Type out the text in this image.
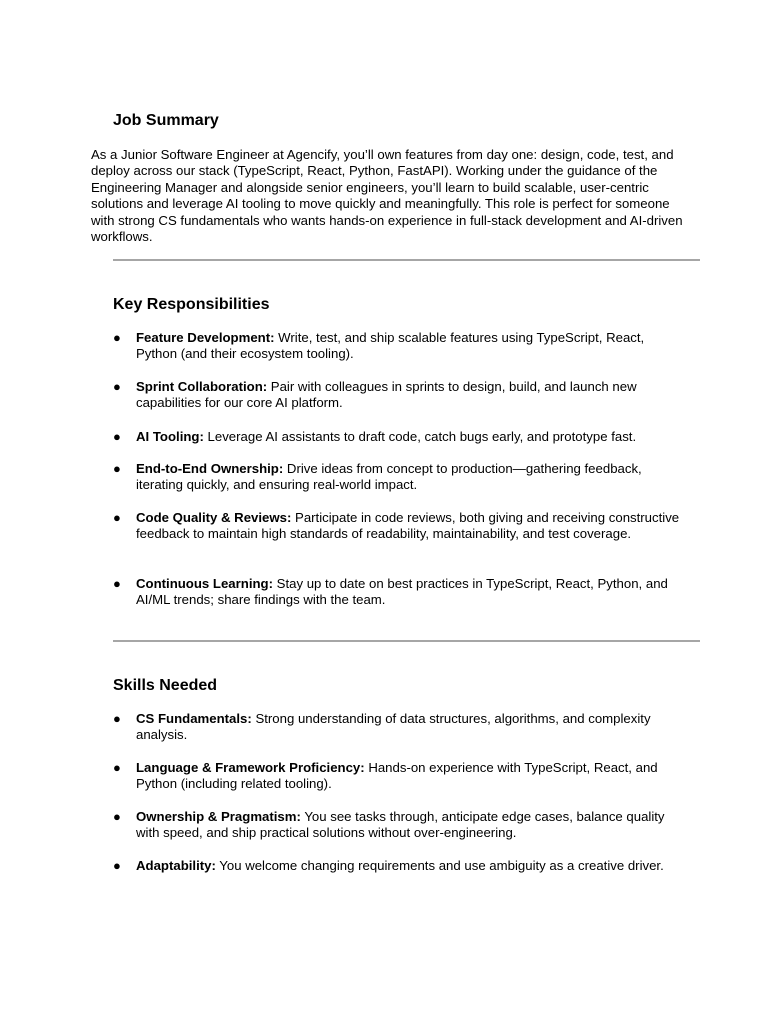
Job Summary

As a Junior Software Engineer at Agencify, you’ll own features from day one: design, code, test, and deploy across our stack (TypeScript, React, Python, FastAPI). Working under the guidance of the Engineering Manager and alongside senior engineers, you’ll learn to build scalable, user-centric solutions and leverage AI tooling to move quickly and meaningfully. This role is perfect for someone with strong CS fundamentals who wants hands-on experience in full-stack development and AI-driven workflows.

Key Responsibilities
● Feature Development: Write, test, and ship scalable features using TypeScript, React, Python (and their ecosystem tooling).
● Sprint Collaboration: Pair with colleagues in sprints to design, build, and launch new capabilities for our core AI platform.
● AI Tooling: Leverage AI assistants to draft code, catch bugs early, and prototype fast.
● End-to-End Ownership: Drive ideas from concept to production—gathering feedback, iterating quickly, and ensuring real-world impact.
● Code Quality & Reviews: Participate in code reviews, both giving and receiving constructive feedback to maintain high standards of readability, maintainability, and test coverage.
● Continuous Learning: Stay up to date on best practices in TypeScript, React, Python, and AI/ML trends; share findings with the team.
Skills Needed
● CS Fundamentals: Strong understanding of data structures, algorithms, and complexity analysis.
● Language & Framework Proficiency: Hands-on experience with TypeScript, React, and Python (including related tooling).
● Ownership & Pragmatism: You see tasks through, anticipate edge cases, balance quality with speed, and ship practical solutions without over-engineering.
● Adaptability: You welcome changing requirements and use ambiguity as a creative driver.
